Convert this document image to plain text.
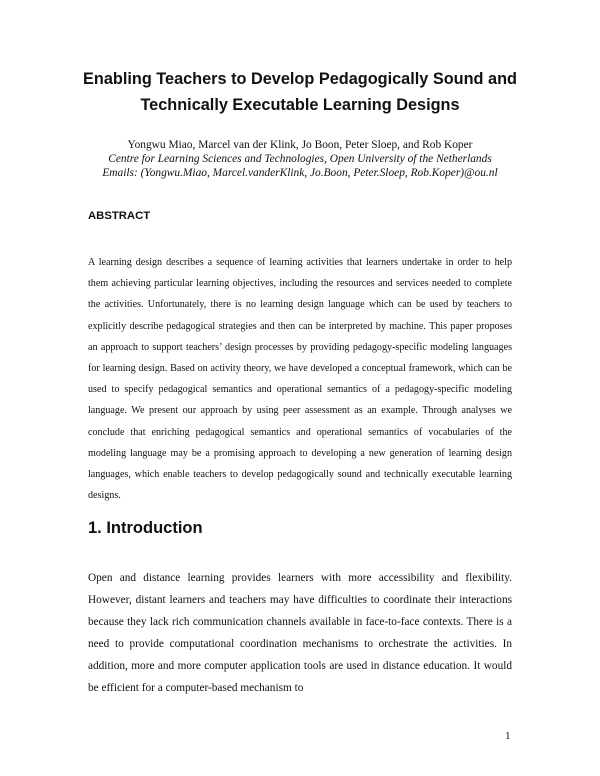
Enabling Teachers to Develop Pedagogically Sound and
Technically Executable Learning Designs
Yongwu Miao, Marcel van der Klink, Jo Boon, Peter Sloep, and Rob Koper
Centre for Learning Sciences and Technologies, Open University of the Netherlands
Emails: (Yongwu.Miao, Marcel.vanderKlink, Jo.Boon, Peter.Sloep, Rob.Koper)@ou.nl
ABSTRACT

A learning design describes a sequence of learning activities that learners undertake in order to help them achieving particular learning objectives, including the resources and services needed to complete the activities. Unfortunately, there is no learning design language which can be used by teachers to explicitly describe pedagogical strategies and then can be interpreted by machine. This paper proposes an approach to support teachers’ design processes by providing pedagogy-specific modeling languages for learning design. Based on activity theory, we have developed a conceptual framework, which can be used to specify pedagogical semantics and operational semantics of a pedagogy-specific modeling language. We present our approach by using peer assessment as an example. Through analyses we conclude that enriching pedagogical semantics and operational semantics of vocabularies of the modeling language may be a promising approach to developing a new generation of learning design languages, which enable teachers to develop pedagogically sound and technically executable learning designs.

1. Introduction

Open and distance learning provides learners with more accessibility and flexibility. However, distant learners and teachers may have difficulties to coordinate their interactions because they lack rich communication channels available in face-to-face contexts. There is a need to provide computational coordination mechanisms to orchestrate the activities. In addition, more and more computer application tools are used in distance education. It would be efficient for a computer-based mechanism to

1
